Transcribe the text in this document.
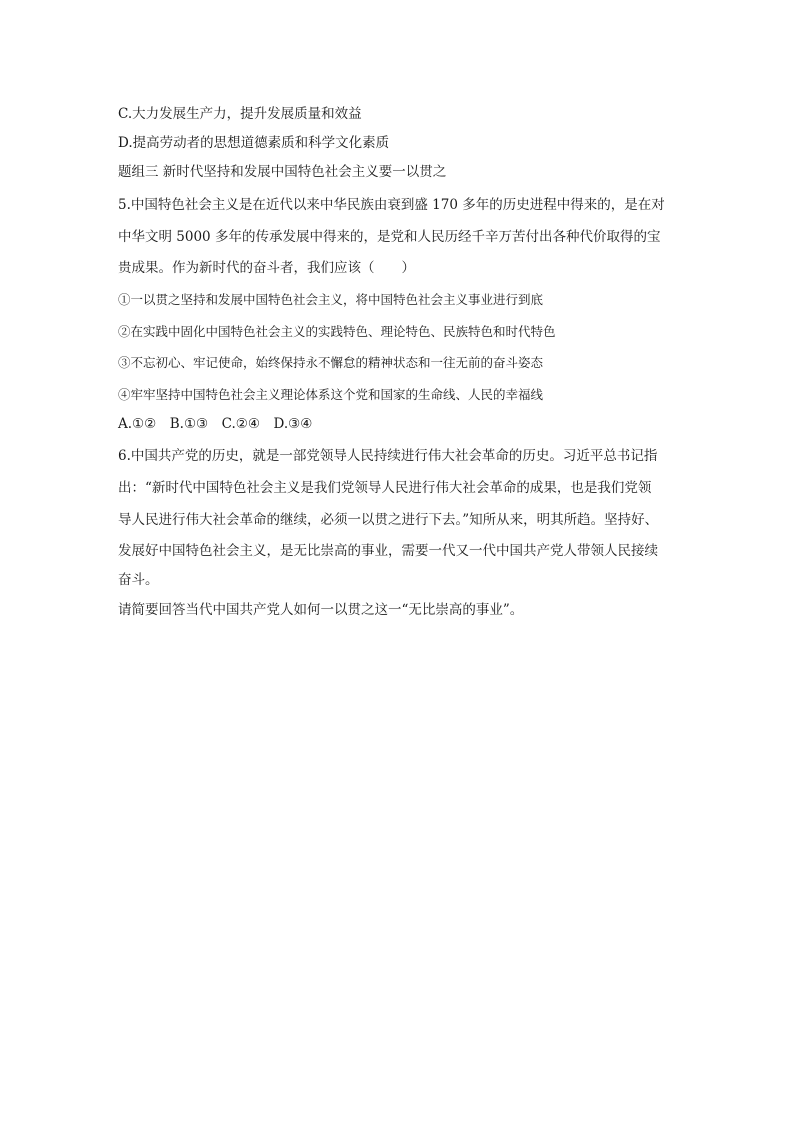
C.大力发展生产力，提升发展质量和效益

D.提高劳动者的思想道德素质和科学文化素质

题组三 新时代坚持和发展中国特色社会主义要一以贯之

5.中国特色社会主义是在近代以来中华民族由衰到盛 170 多年的历史进程中得来的，是在对

中华文明 5000 多年的传承发展中得来的，是党和人民历经千辛万苦付出各种代价取得的宝

贵成果。作为新时代的奋斗者，我们应该（　　）

①一以贯之坚持和发展中国特色社会主义，将中国特色社会主义事业进行到底

②在实践中固化中国特色社会主义的实践特色、理论特色、民族特色和时代特色

③不忘初心、牢记使命，始终保持永不懈怠的精神状态和一往无前的奋斗姿态

④牢牢坚持中国特色社会主义理论体系这个党和国家的生命线、人民的幸福线

A.①②　B.①③　C.②④　D.③④

6.中国共产党的历史，就是一部党领导人民持续进行伟大社会革命的历史。习近平总书记指

出：“新时代中国特色社会主义是我们党领导人民进行伟大社会革命的成果，也是我们党领

导人民进行伟大社会革命的继续，必须一以贯之进行下去。”知所从来，明其所趋。坚持好、

发展好中国特色社会主义，是无比崇高的事业，需要一代又一代中国共产党人带领人民接续

奋斗。

请简要回答当代中国共产党人如何一以贯之这一“无比崇高的事业”。
